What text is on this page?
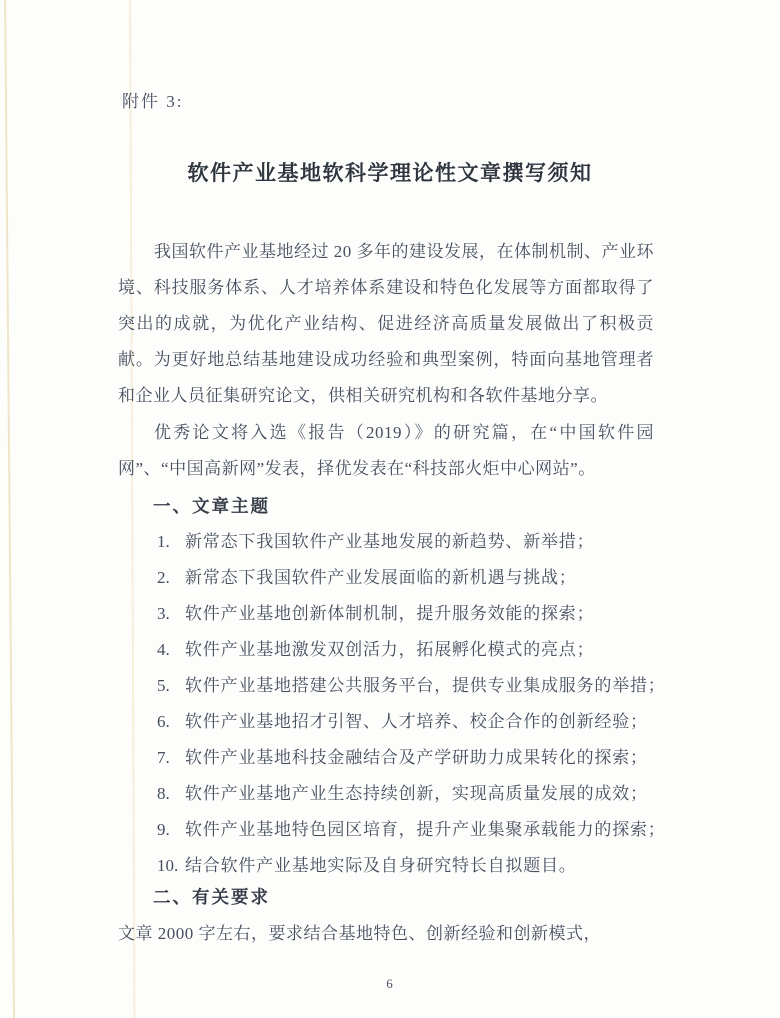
附件 3:
软件产业基地软科学理论性文章撰写须知
我国软件产业基地经过 20 多年的建设发展，在体制机制、产业环境、科技服务体系、人才培养体系建设和特色化发展等方面都取得了突出的成就，为优化产业结构、促进经济高质量发展做出了积极贡献。为更好地总结基地建设成功经验和典型案例，特面向基地管理者和企业人员征集研究论文，供相关研究机构和各软件基地分享。
优秀论文将入选《报告（2019）》的研究篇，在“中国软件园网”、“中国高新网”发表，择优发表在“科技部火炬中心网站”。
一、文章主题
1. 新常态下我国软件产业基地发展的新趋势、新举措；
2. 新常态下我国软件产业发展面临的新机遇与挑战；
3. 软件产业基地创新体制机制，提升服务效能的探索；
4. 软件产业基地激发双创活力，拓展孵化模式的亮点；
5. 软件产业基地搭建公共服务平台，提供专业集成服务的举措；
6. 软件产业基地招才引智、人才培养、校企合作的创新经验；
7. 软件产业基地科技金融结合及产学研助力成果转化的探索；
8. 软件产业基地产业生态持续创新，实现高质量发展的成效；
9. 软件产业基地特色园区培育，提升产业集聚承载能力的探索；
10. 结合软件产业基地实际及自身研究特长自拟题目。
二、有关要求
文章 2000 字左右，要求结合基地特色、创新经验和创新模式，
6
